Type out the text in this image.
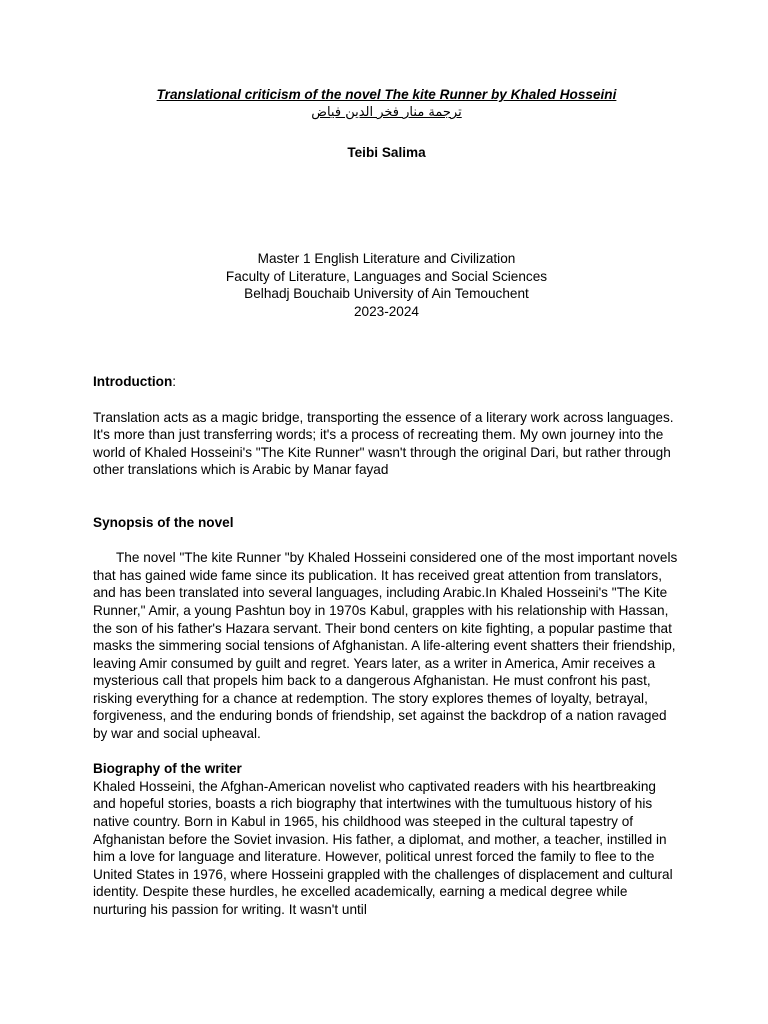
Translational criticism of the novel The kite Runner by Khaled Hosseini

ترجمة منار فخر الدين فياض

Teibi Salima
Master 1 English Literature and Civilization
Faculty of Literature, Languages and Social Sciences
Belhadj Bouchaib University of Ain Temouchent
2023-2024
Introduction:

Translation acts as a magic bridge, transporting the essence of a literary work across languages. It's more than just transferring words; it's a process of recreating them. My own journey into the world of Khaled Hosseini's "The Kite Runner" wasn't through the original Dari, but rather through other translations which is Arabic by Manar fayad

Synopsis of the novel

The novel "The kite Runner "by Khaled Hosseini considered one of the most important novels that has gained wide fame since its publication. It has received great attention from translators, and has been translated into several languages, including Arabic.In Khaled Hosseini's "The Kite Runner," Amir, a young Pashtun boy in 1970s Kabul, grapples with his relationship with Hassan, the son of his father's Hazara servant. Their bond centers on kite fighting, a popular pastime that masks the simmering social tensions of Afghanistan. A life-altering event shatters their friendship, leaving Amir consumed by guilt and regret. Years later, as a writer in America, Amir receives a mysterious call that propels him back to a dangerous Afghanistan. He must confront his past, risking everything for a chance at redemption. The story explores themes of loyalty, betrayal, forgiveness, and the enduring bonds of friendship, set against the backdrop of a nation ravaged by war and social upheaval.

Biography of the writer

Khaled Hosseini, the Afghan-American novelist who captivated readers with his heartbreaking and hopeful stories, boasts a rich biography that intertwines with the tumultuous history of his native country. Born in Kabul in 1965, his childhood was steeped in the cultural tapestry of Afghanistan before the Soviet invasion. His father, a diplomat, and mother, a teacher, instilled in him a love for language and literature. However, political unrest forced the family to flee to the United States in 1976, where Hosseini grappled with the challenges of displacement and cultural identity. Despite these hurdles, he excelled academically, earning a medical degree while nurturing his passion for writing. It wasn't until
